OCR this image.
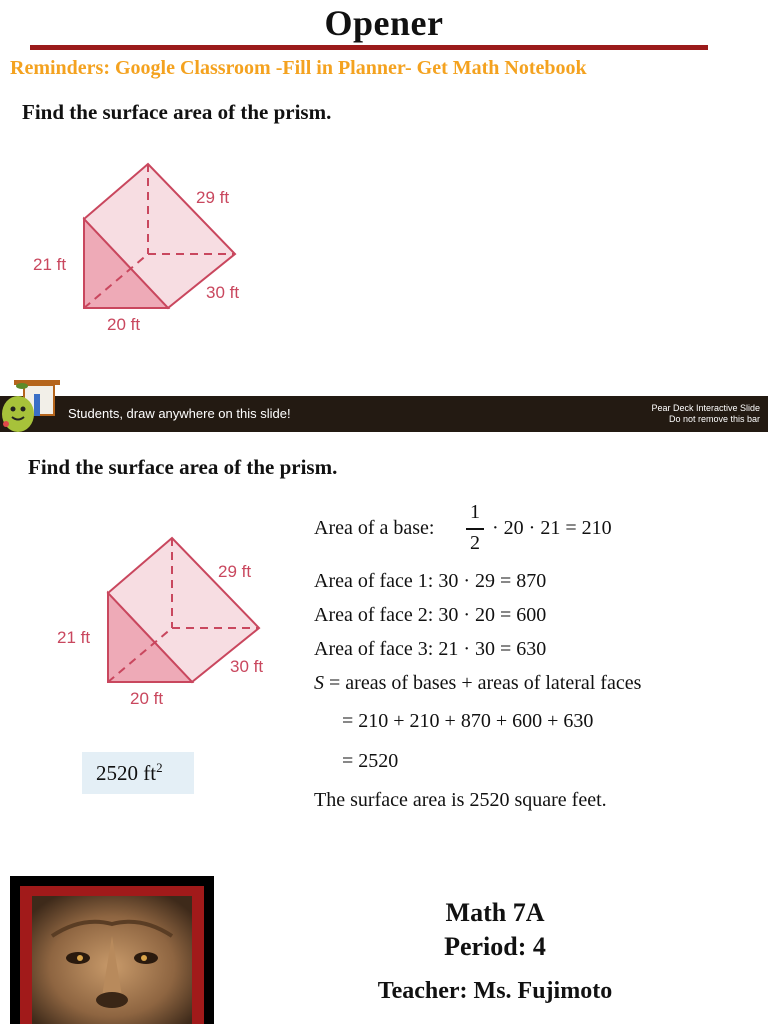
Opener
Reminders: Google Classroom -Fill in Planner- Get Math Notebook
Find the surface area of the prism.
29 ft
30 ft
21 ft
20 ft
Students, draw anywhere on this slide!	Pear Deck Interactive Slide
Do not remove this bar
Find the surface area of the prism.
29 ft
30 ft
21 ft
20 ft
2520 $ft^2$
Area of a base:
1
2
· 20 · 21 = 210
Area of face 1: 30 · 29 = 870
Area of face 2: 30 · 20 = 600
Area of face 3: 21 · 30 = 630
S = areas of bases + areas of lateral faces
= 210 + 210 + 870 + 600 + 630
= 2520
The surface area is 2520 square feet.
Math 7A
Period: 4
Teacher: Ms. Fujimoto
